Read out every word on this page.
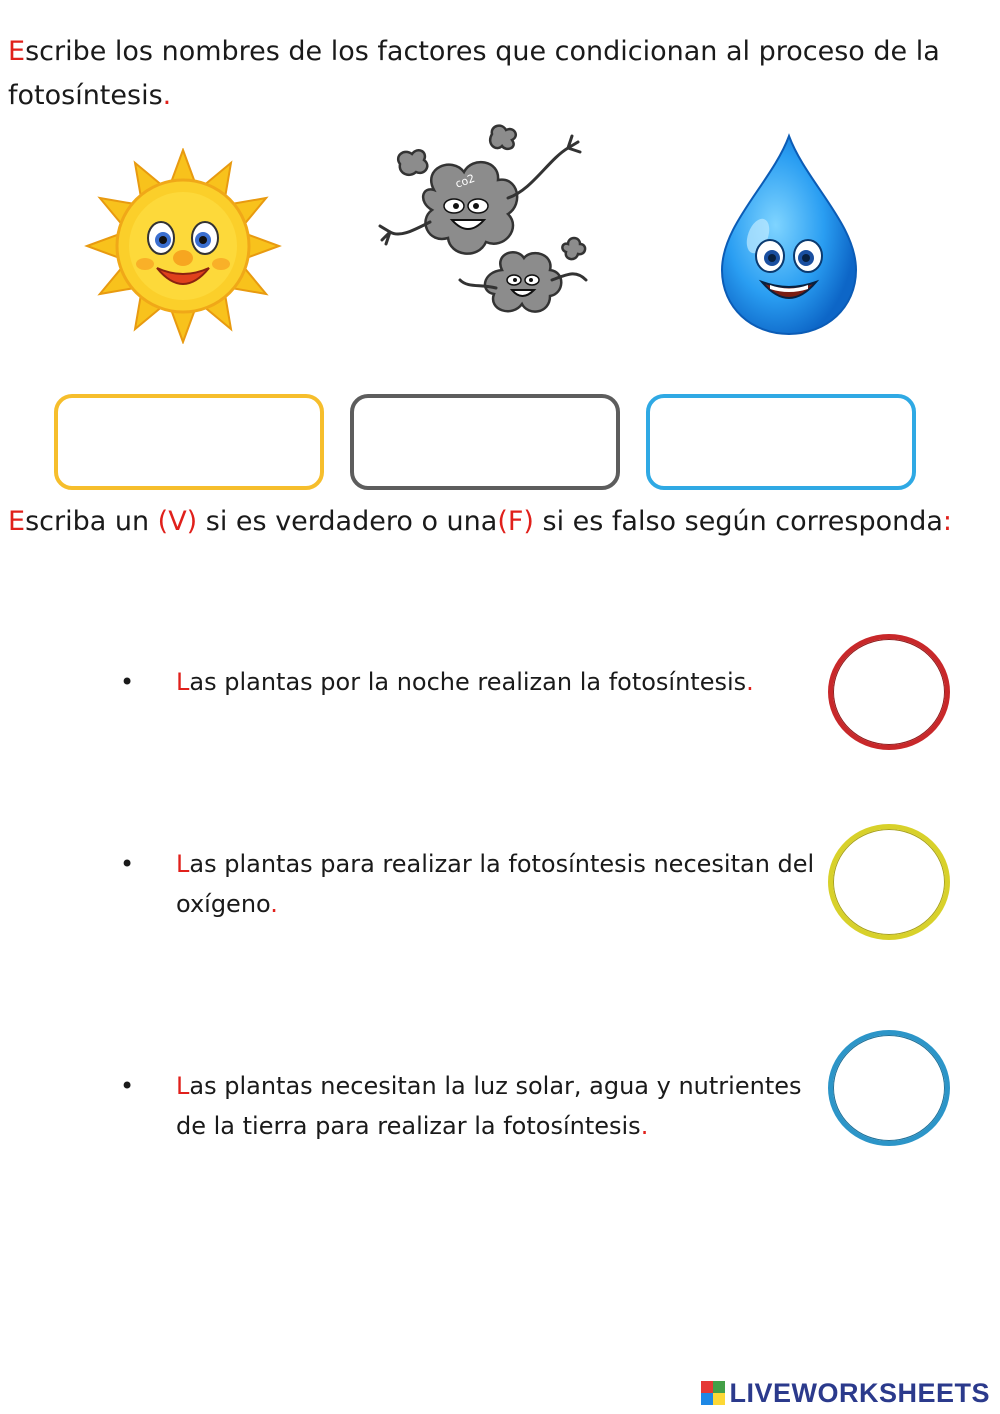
Escribe los nombres de los factores que condicionan al proceso de la fotosíntesis.
co2
Escriba un (V) si es verdadero o una(F) si es falso según corresponda:
• Las plantas por la noche realizan la fotosíntesis.
• Las plantas para realizar la fotosíntesis necesitan del oxígeno.
• Las plantas necesitan la luz solar, agua y nutrientes de la tierra para realizar la fotosíntesis.
LIVEWORKSHEETS
